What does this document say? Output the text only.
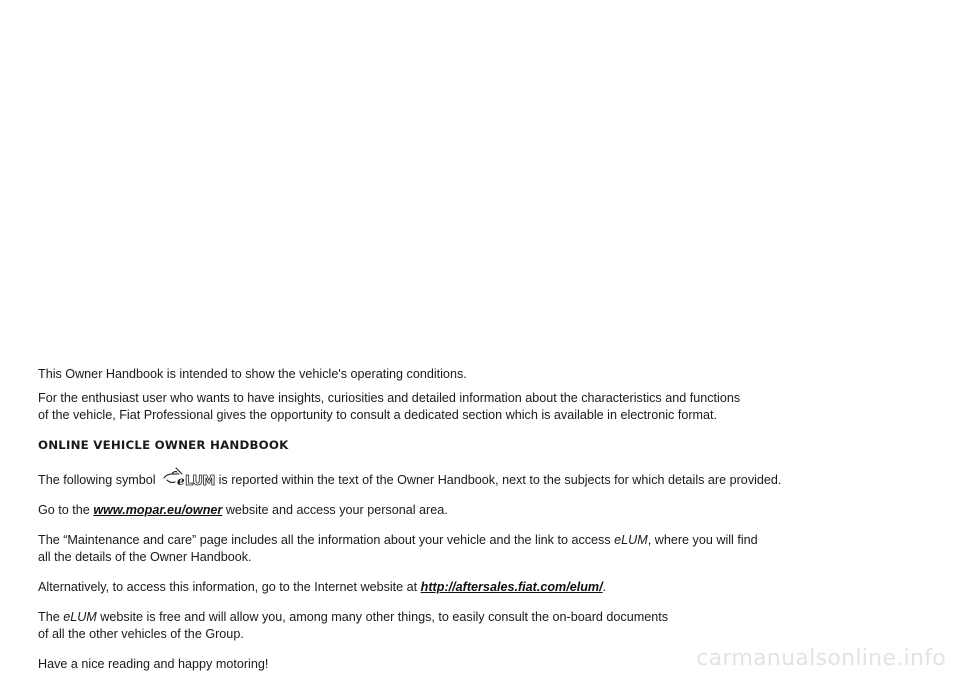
This Owner Handbook is intended to show the vehicle's operating conditions.

For the enthusiast user who wants to have insights, curiosities and detailed information about the characteristics and functions
of the vehicle, Fiat Professional gives the opportunity to consult a dedicated section which is available in electronic format.

ONLINE VEHICLE OWNER HANDBOOK

The following symbol e LUM is reported within the text of the Owner Handbook, next to the subjects for which details are provided.

Go to the www.mopar.eu/owner website and access your personal area.

The “Maintenance and care” page includes all the information about your vehicle and the link to access eLUM, where you will find
all the details of the Owner Handbook.

Alternatively, to access this information, go to the Internet website at http://aftersales.fiat.com/elum/.

The eLUM website is free and will allow you, among many other things, to easily consult the on-board documents
of all the other vehicles of the Group.

Have a nice reading and happy motoring!	carmanualsonline.info
